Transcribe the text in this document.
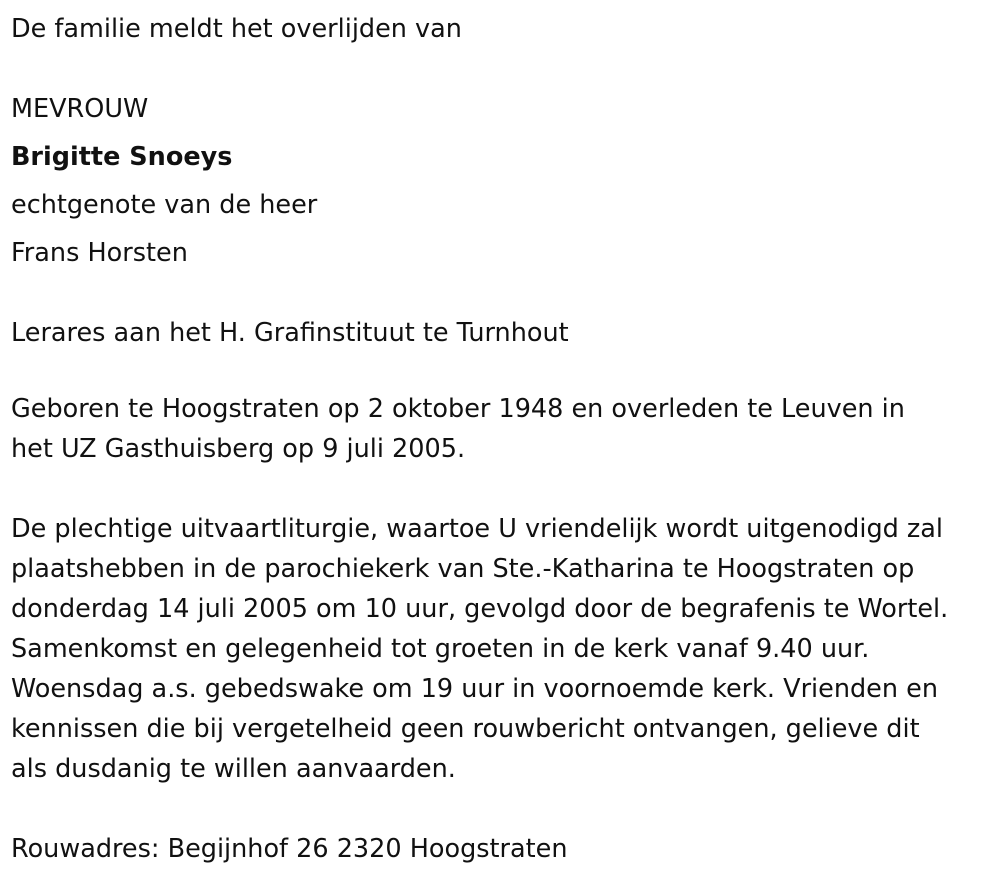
De familie meldt het overlijden van
MEVROUW
Brigitte Snoeys
echtgenote van de heer
Frans Horsten
Lerares aan het H. Grafinstituut te Turnhout
Geboren te Hoogstraten op 2 oktober 1948 en overleden te Leuven in
het UZ Gasthuisberg op 9 juli 2005.
De plechtige uitvaartliturgie, waartoe U vriendelijk wordt uitgenodigd zal
plaatshebben in de parochiekerk van Ste.-Katharina te Hoogstraten op
donderdag 14 juli 2005 om 10 uur, gevolgd door de begrafenis te Wortel.
Samenkomst en gelegenheid tot groeten in de kerk vanaf 9.40 uur.
Woensdag a.s. gebedswake om 19 uur in voornoemde kerk. Vrienden en
kennissen die bij vergetelheid geen rouwbericht ontvangen, gelieve dit
als dusdanig te willen aanvaarden.
Rouwadres: Begijnhof 26 2320 Hoogstraten
